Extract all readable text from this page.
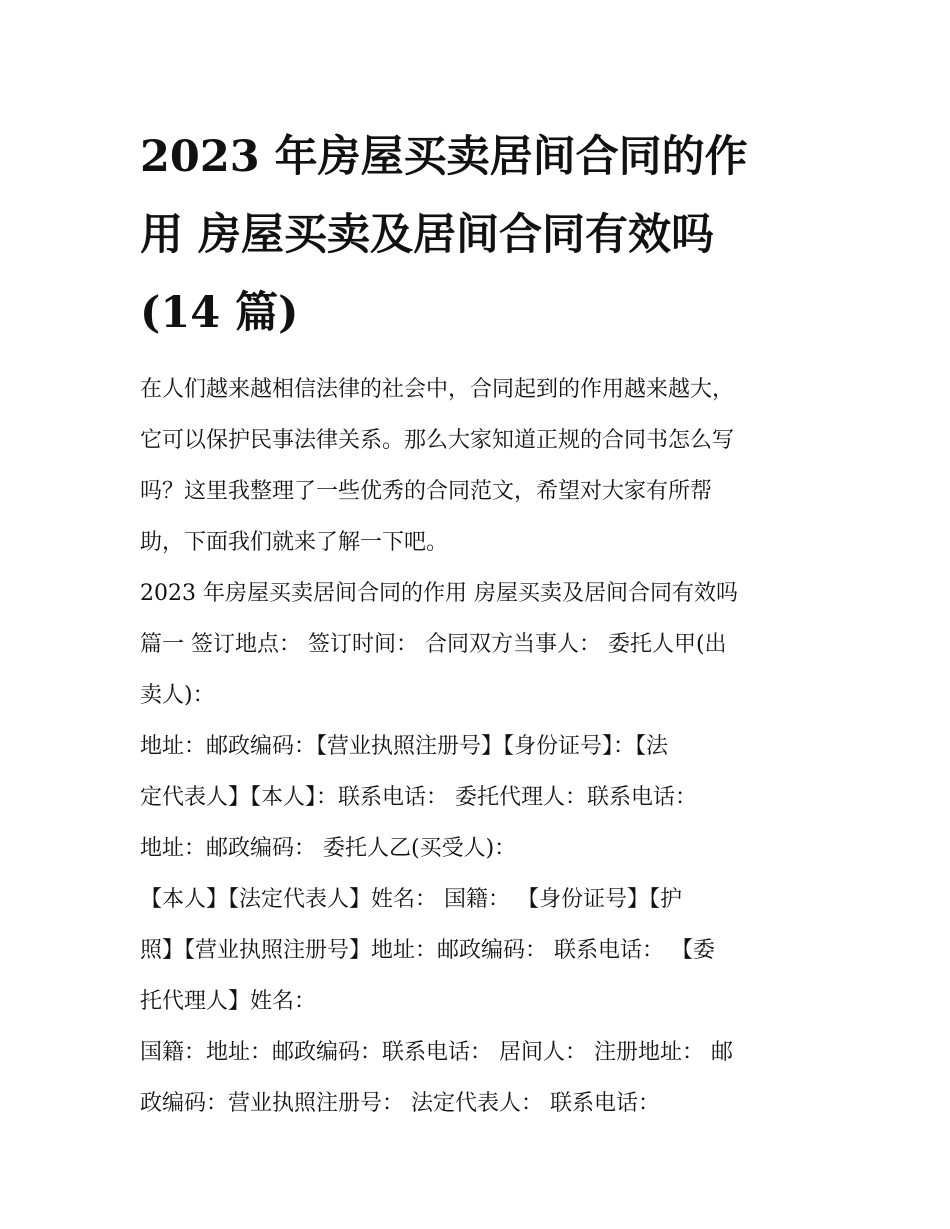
2023 年房屋买卖居间合同的作
用 房屋买卖及居间合同有效吗
(14 篇)

在人们越来越相信法律的社会中，合同起到的作用越来越大，
它可以保护民事法律关系。那么大家知道正规的合同书怎么写
吗？这里我整理了一些优秀的合同范文，希望对大家有所帮
助，下面我们就来了解一下吧。

2023 年房屋买卖居间合同的作用 房屋买卖及居间合同有效吗
篇一 签订地点： 签订时间： 合同双方当事人： 委托人甲(出
卖人)：

地址：邮政编码：【营业执照注册号】【身份证号】：【法
定代表人】【本人】：联系电话： 委托代理人：联系电话：
地址：邮政编码： 委托人乙(买受人)：

【本人】【法定代表人】姓名： 国籍： 【身份证号】【护
照】【营业执照注册号】地址：邮政编码： 联系电话： 【委
托代理人】姓名：

国籍：地址：邮政编码：联系电话： 居间人： 注册地址： 邮
政编码：营业执照注册号： 法定代表人： 联系电话：
